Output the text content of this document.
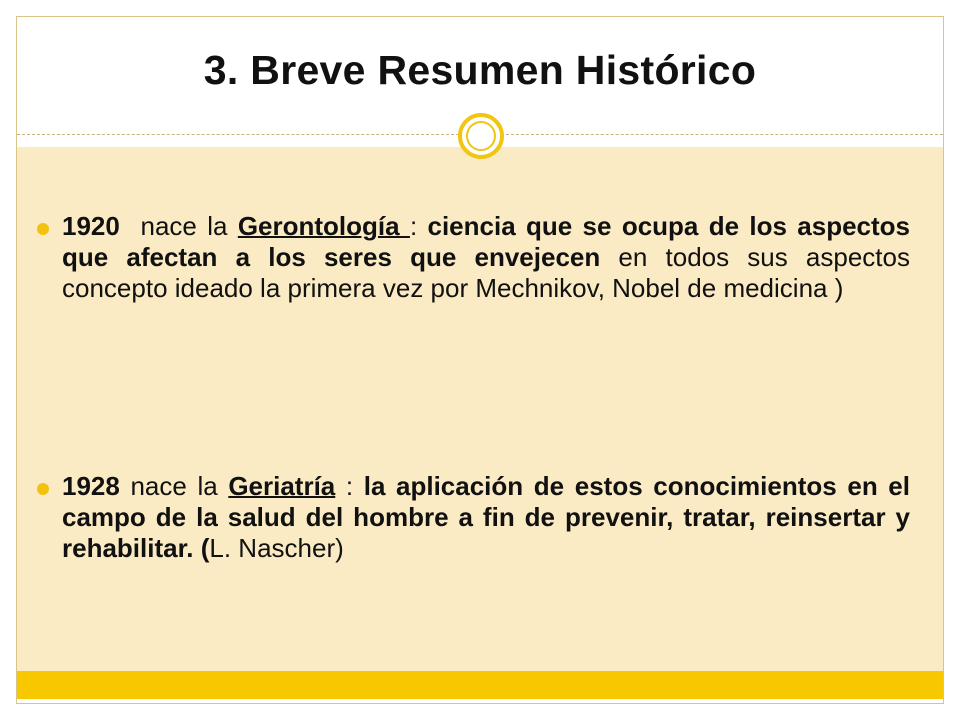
3. Breve Resumen Histórico
1920  nace la Gerontología : ciencia que se ocupa de los aspectos que afectan a los seres que envejecen en todos sus aspectos concepto ideado la primera vez por Mechnikov, Nobel de medicina )
1928 nace la Geriatría : la aplicación de estos conocimientos en el campo de la salud del hombre a fin de prevenir, tratar, reinsertar y rehabilitar. (L. Nascher)
